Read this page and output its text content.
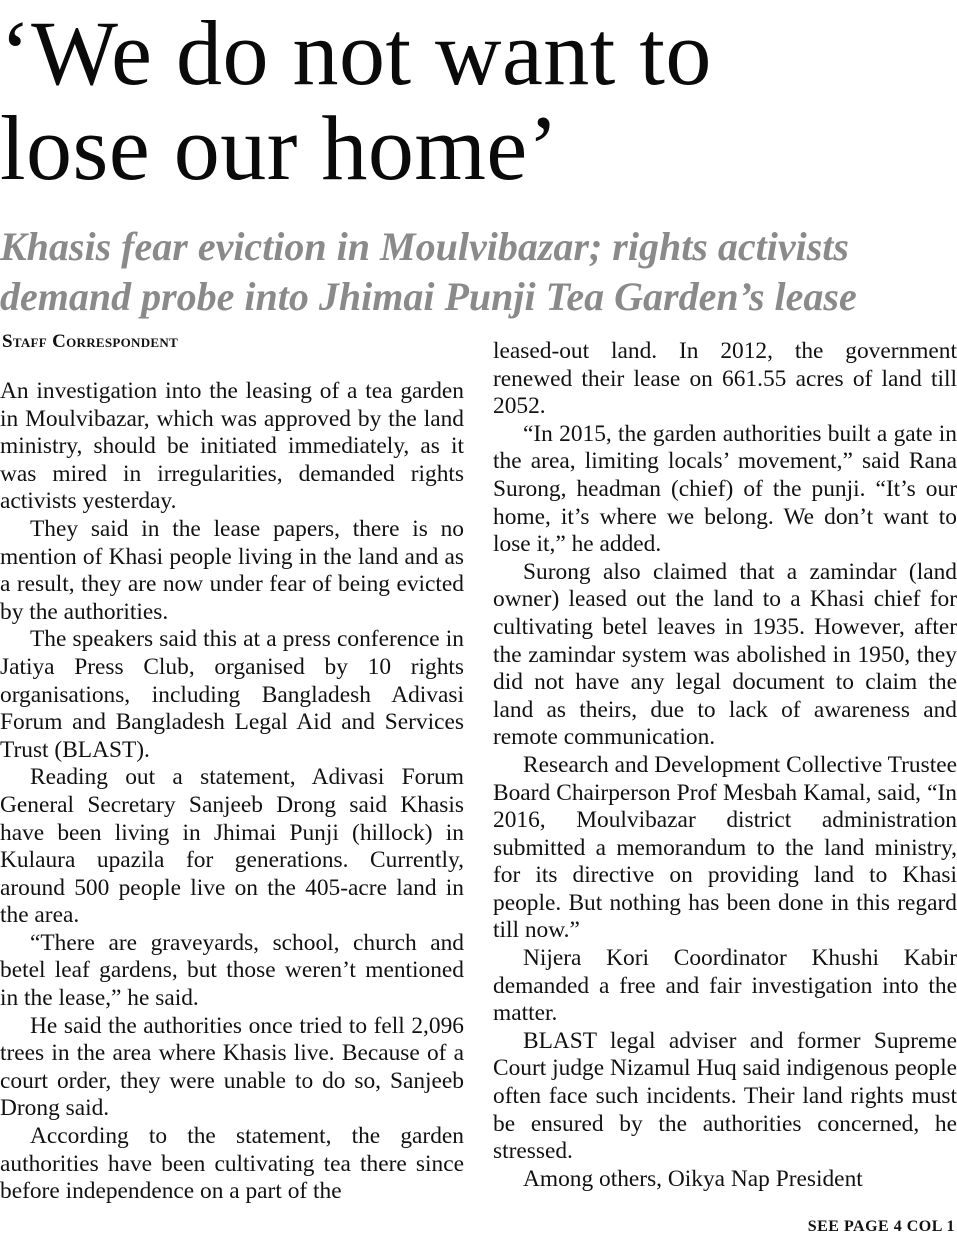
‘We do not want to
lose our home’
Khasis fear eviction in Moulvibazar; rights activists
demand probe into Jhimai Punji Tea Garden’s lease
Staff Correspondent

An investigation into the leasing of a tea garden in Moulvibazar, which was approved by the land ministry, should be initiated immediately, as it was mired in irregularities, demanded rights activists yesterday.

They said in the lease papers, there is no mention of Khasi people living in the land and as a result, they are now under fear of being evicted by the authorities.

The speakers said this at a press conference in Jatiya Press Club, organised by 10 rights organisations, including Bangladesh Adivasi Forum and Bangladesh Legal Aid and Services Trust (BLAST).

Reading out a statement, Adivasi Forum General Secretary Sanjeeb Drong said Khasis have been living in Jhimai Punji (hillock) in Kulaura upazila for generations. Currently, around 500 people live on the 405-acre land in the area.

“There are graveyards, school, church and betel leaf gardens, but those weren’t mentioned in the lease,” he said.

He said the authorities once tried to fell 2,096 trees in the area where Khasis live. Because of a court order, they were unable to do so, Sanjeeb Drong said.

According to the statement, the garden authorities have been cultivating tea there since before independence on a part of the

leased-out land. In 2012, the government renewed their lease on 661.55 acres of land till 2052.

“In 2015, the garden authorities built a gate in the area, limiting locals’ movement,” said Rana Surong, headman (chief) of the punji. “It’s our home, it’s where we belong. We don’t want to lose it,” he added.

Surong also claimed that a zamindar (land owner) leased out the land to a Khasi chief for cultivating betel leaves in 1935. However, after the zamindar system was abolished in 1950, they did not have any legal document to claim the land as theirs, due to lack of awareness and remote communication.

Research and Development Collective Trustee Board Chairperson Prof Mesbah Kamal, said, “In 2016, Moulvibazar district administration submitted a memorandum to the land ministry, for its directive on providing land to Khasi people. But nothing has been done in this regard till now.”

Nijera Kori Coordinator Khushi Kabir demanded a free and fair investigation into the matter.

BLAST legal adviser and former Supreme Court judge Nizamul Huq said indigenous people often face such incidents. Their land rights must be ensured by the authorities concerned, he stressed.

Among others, Oikya Nap President

SEE PAGE 4 COL 1
